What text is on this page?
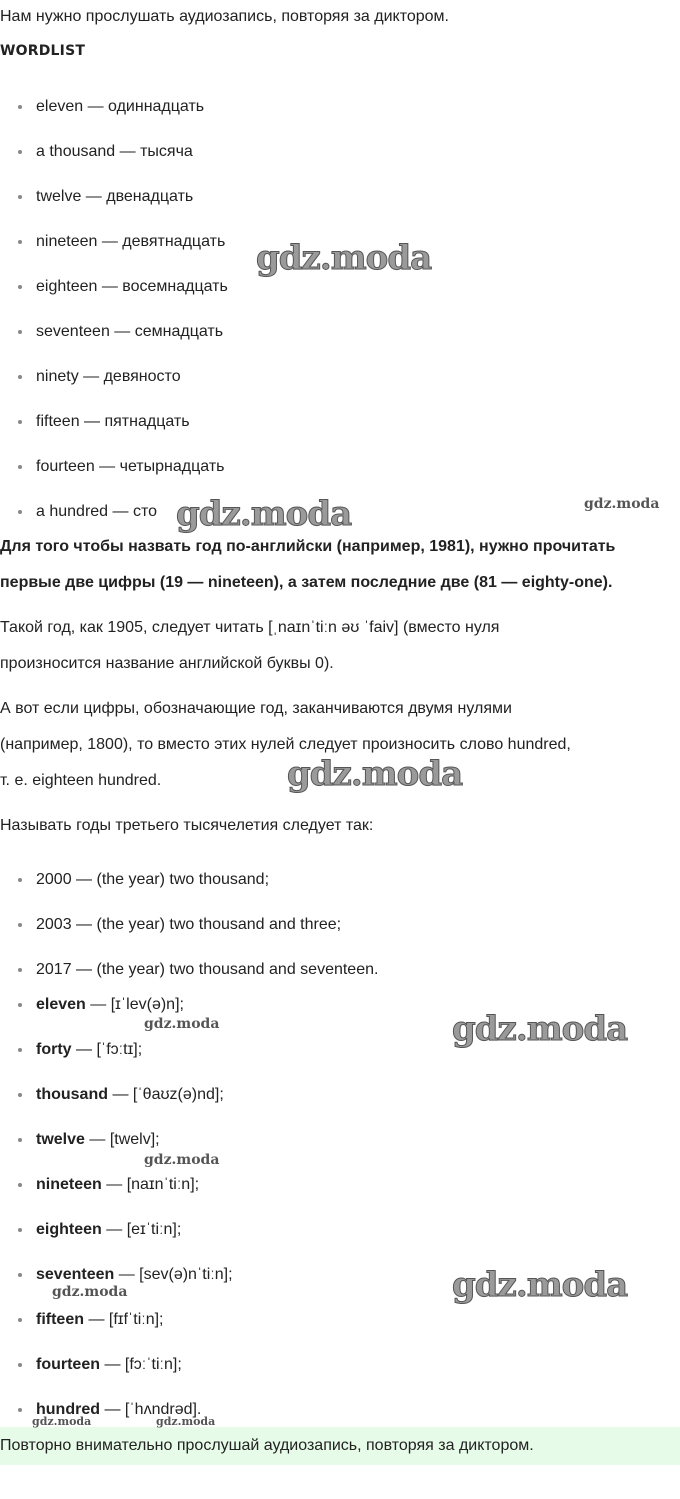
Нам нужно прослушать аудиозапись, повторяя за диктором.
WORDLIST
eleven — одиннадцать
a thousand — тысяча
twelve — двенадцать
nineteen — девятнадцать
eighteen — восемнадцать
seventeen — семнадцать
ninety — девяносто
fifteen — пятнадцать
fourteen — четырнадцать
a hundred — сто
Для того чтобы назвать год по-английски (например, 1981), нужно прочитать
первые две цифры (19 — nineteen), а затем последние две (81 — eighty-one).
Такой год, как 1905, следует читать [ˌnaɪnˈtiːn əʊ ˈfaiv] (вместо нуля
произносится название английской буквы 0).
А вот если цифры, обозначающие год, заканчиваются двумя нулями
(например, 1800), то вместо этих нулей следует произносить слово hundred,
т. е. eighteen hundred.
Называть годы третьего тысячелетия следует так:
2000 — (the year) two thousand;
2003 — (the year) two thousand and three;
2017 — (the year) two thousand and seventeen.
eleven — [ɪˈlev(ə)n];
forty — [ˈfɔːtɪ];
thousand — [ˈθaʊz(ə)nd];
twelve — [twelv];
nineteen — [naɪnˈtiːn];
eighteen — [eɪˈtiːn];
seventeen — [sev(ə)nˈtiːn];
fifteen — [fɪfˈtiːn];
fourteen — [fɔːˈtiːn];
hundred — [ˈhʌndrəd].
Повторно внимательно прослушай аудиозапись, повторяя за диктором.
gdz.moda
gdz.moda	gdz.moda
gdz.moda
gdz.moda	gdz.moda
gdz.moda
gdz.moda
gdz.moda
gdz.moda	gdz.moda
